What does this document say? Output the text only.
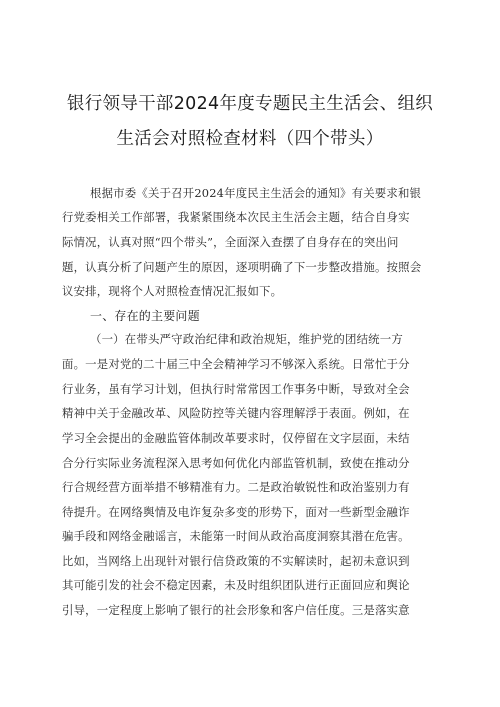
银行领导干部2024年度专题民主生活会、组织
生活会对照检查材料（四个带头）
根据市委《关于召开2024年度民主生活会的通知》有关要求和银
行党委相关工作部署，我紧紧围绕本次民主生活会主题，结合自身实
际情况，认真对照“四个带头”，全面深入查摆了自身存在的突出问
题，认真分析了问题产生的原因，逐项明确了下一步整改措施。按照会
议安排，现将个人对照检查情况汇报如下。
一、存在的主要问题
（一）在带头严守政治纪律和政治规矩，维护党的团结统一方
面。一是对党的二十届三中全会精神学习不够深入系统。日常忙于分
行业务，虽有学习计划，但执行时常常因工作事务中断，导致对全会
精神中关于金融改革、风险防控等关键内容理解浮于表面。例如，在
学习全会提出的金融监管体制改革要求时，仅停留在文字层面，未结
合分行实际业务流程深入思考如何优化内部监管机制，致使在推动分
行合规经营方面举措不够精准有力。二是政治敏锐性和政治鉴别力有
待提升。在网络舆情及电诈复杂多变的形势下，面对一些新型金融诈
骗手段和网络金融谣言，未能第一时间从政治高度洞察其潜在危害。
比如，当网络上出现针对银行信贷政策的不实解读时，起初未意识到
其可能引发的社会不稳定因素，未及时组织团队进行正面回应和舆论
引导，一定程度上影响了银行的社会形象和客户信任度。三是落实意
